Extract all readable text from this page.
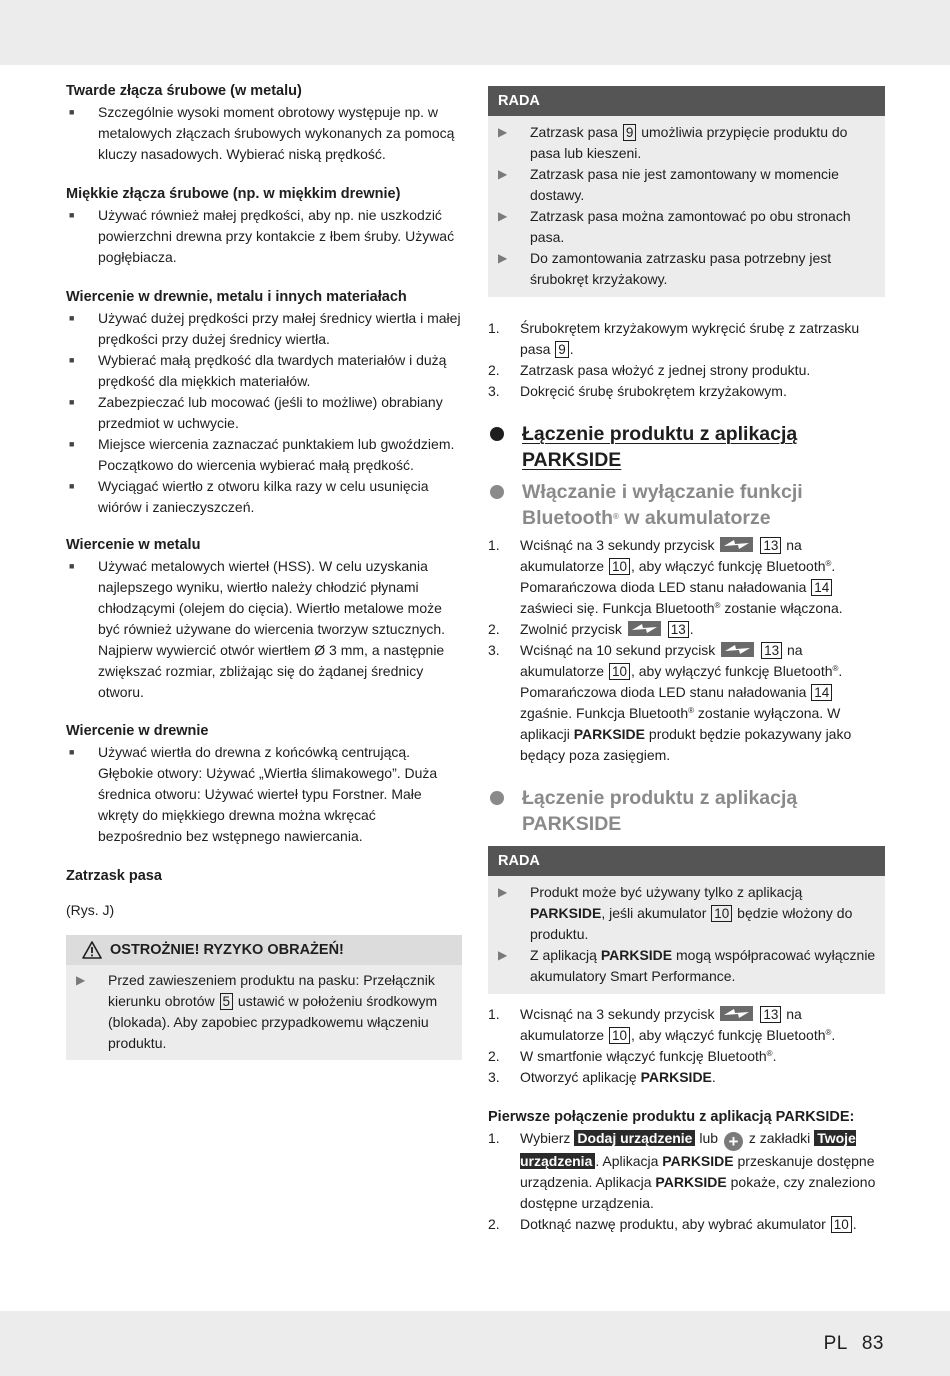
PL 83
Twarde złącza śrubowe (w metalu)
■	Szczególnie wysoki moment obrotowy występuje np. w metalowych złączach śrubowych wykonanych za pomocą kluczy nasadowych. Wybierać niską prędkość.
Miękkie złącza śrubowe (np. w miękkim drewnie)
■	Używać również małej prędkości, aby np. nie uszkodzić powierzchni drewna przy kontakcie z łbem śruby. Używać pogłębiacza.
Wiercenie w drewnie, metalu i innych materiałach
■	Używać dużej prędkości przy małej średnicy wiertła i małej prędkości przy dużej średnicy wiertła.
■	Wybierać małą prędkość dla twardych materiałów i dużą prędkość dla miękkich materiałów.
■	Zabezpieczać lub mocować (jeśli to możliwe) obrabiany przedmiot w uchwycie.
■	Miejsce wiercenia zaznaczać punktakiem lub gwoździem. Początkowo do wiercenia wybierać małą prędkość.
■	Wyciągać wiertło z otworu kilka razy w celu usunięcia wiórów i zanieczyszczeń.
Wiercenie w metalu
■	Używać metalowych wierteł (HSS). W celu uzyskania najlepszego wyniku, wiertło należy chłodzić płynami chłodzącymi (olejem do cięcia). Wiertło metalowe może być również używane do wiercenia tworzyw sztucznych. Najpierw wywiercić otwór wiertłem Ø 3 mm, a następnie zwiększać rozmiar, zbliżając się do żądanej średnicy otworu.
Wiercenie w drewnie
■	Używać wiertła do drewna z końcówką centrującą. Głębokie otwory: Używać „Wiertła ślimakowego”. Duża średnica otworu: Używać wierteł typu Forstner. Małe wkręty do miękkiego drewna można wkręcać bezpośrednio bez wstępnego nawiercania.
Zatrzask pasa
(Rys. J)
OSTROŻNIE! RYZYKO OBRAŻEŃ!
▶	Przed zawieszeniem produktu na pasku: Przełącznik kierunku obrotów 5 ustawić w położeniu środkowym (blokada). Aby zapobiec przypadkowemu włączeniu produktu.
RADA
▶	Zatrzask pasa 9 umożliwia przypięcie produktu do pasa lub kieszeni.
▶	Zatrzask pasa nie jest zamontowany w momencie dostawy.
▶	Zatrzask pasa można zamontować po obu stronach pasa.
▶	Do zamontowania zatrzasku pasa potrzebny jest śrubokręt krzyżakowy.
1.	Śrubokrętem krzyżakowym wykręcić śrubę z zatrzasku pasa 9 .
2.	Zatrzask pasa włożyć z jednej strony produktu.
3.	Dokręcić śrubę śrubokrętem krzyżakowym.
Łączenie produktu z aplikacją PARKSIDE
Włączanie i wyłączanie funkcji Bluetooth® w akumulatorze
1.	Wciśnąć na 3 sekundy przycisk	13 na akumulatorze 10 , aby włączyć funkcję Bluetooth®. Pomarańczowa dioda LED stanu naładowania 14 zaświeci się. Funkcja Bluetooth® zostanie włączona.
2.	Zwolnić przycisk	13 .
3.	Wciśnąć na 10 sekund przycisk	13 na akumulatorze 10 , aby wyłączyć funkcję Bluetooth®. Pomarańczowa dioda LED stanu naładowania 14 zgaśnie. Funkcja Bluetooth® zostanie wyłączona. W aplikacji PARKSIDE produkt będzie pokazywany jako będący poza zasięgiem.
Łączenie produktu z aplikacją PARKSIDE
RADA
▶	Produkt może być używany tylko z aplikacją PARKSIDE, jeśli akumulator 10 będzie włożony do produktu.
▶	Z aplikacją PARKSIDE mogą współpracować wyłącznie akumulatory Smart Performance.
1.	Wcisnąć na 3 sekundy przycisk	13 na akumulatorze 10 , aby włączyć funkcję Bluetooth®.
2.	W smartfonie włączyć funkcję Bluetooth®.
3.	Otworzyć aplikację PARKSIDE.
Pierwsze połączenie produktu z aplikacją PARKSIDE:
1.	Wybierz Dodaj urządzenie lub + z zakładki Twoje urządzenia . Aplikacja PARKSIDE przeskanuje dostępne urządzenia. Aplikacja PARKSIDE pokaże, czy znaleziono dostępne urządzenia.
2.	Dotknąć nazwę produktu, aby wybrać akumulator 10 .
